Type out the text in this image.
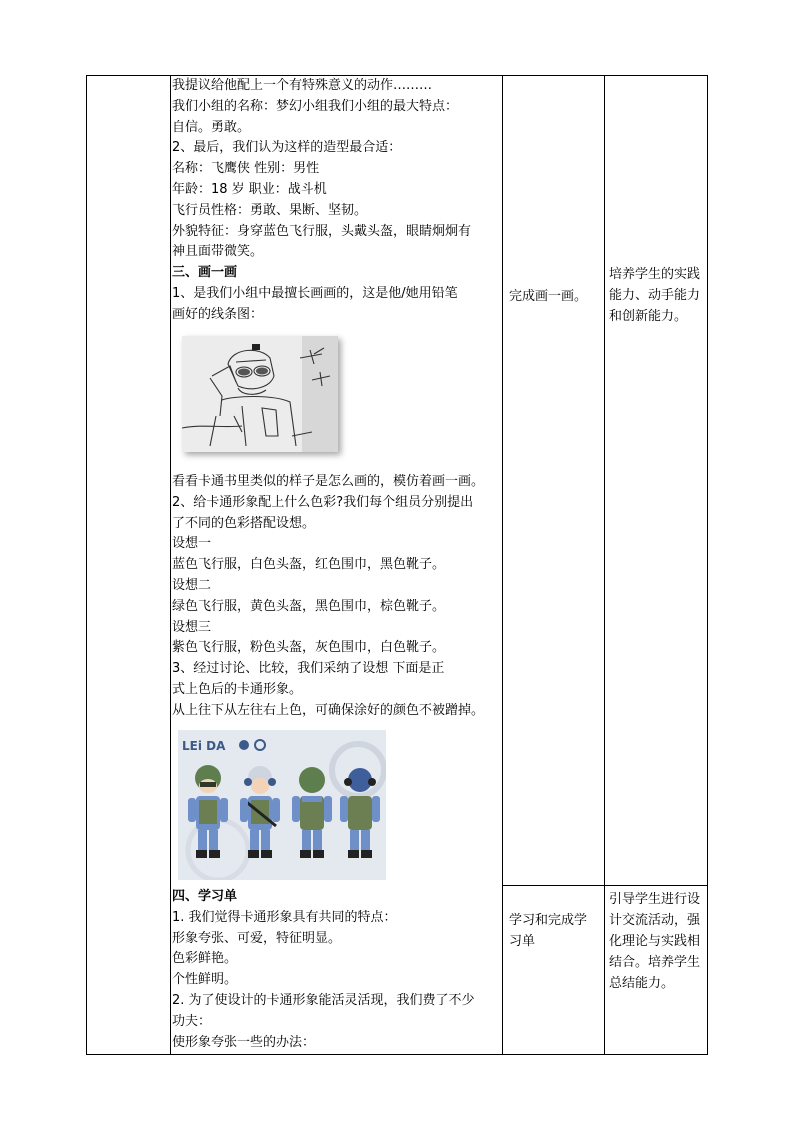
我提议给他配上一个有特殊意义的动作………
我们小组的名称：梦幻小组我们小组的最大特点：
自信。勇敢。
2、最后，我们认为这样的造型最合适：
名称：飞鹰侠 性别：男性
年龄：18 岁 职业：战斗机
飞行员性格：勇敢、果断、坚韧。
外貌特征：身穿蓝色飞行服，头戴头盔，眼睛炯炯有
神且面带微笑。
三、画一画
1、是我们小组中最擅长画画的，这是他/她用铅笔
画好的线条图：
看看卡通书里类似的样子是怎么画的，模仿着画一画。
2、给卡通形象配上什么色彩?我们每个组员分别提出
了不同的色彩搭配设想。
设想一
蓝色飞行服，白色头盔，红色围巾，黑色靴子。
设想二
绿色飞行服，黄色头盔，黑色围巾，棕色靴子。
设想三
紫色飞行服，粉色头盔，灰色围巾，白色靴子。
3、经过讨论、比较，我们采纳了设想 下面是正
式上色后的卡通形象。
从上往下从左往右上色，可确保涂好的颜色不被蹭掉。
LEi DA
四、学习单
1. 我们觉得卡通形象具有共同的特点：
形象夸张、可爱，特征明显。
色彩鲜艳。
个性鲜明。
2. 为了使设计的卡通形象能活灵活现，我们费了不少
功夫：
使形象夸张一些的办法：
完成画一画。
培养学生的实践能力、动手能力和创新能力。
学习和完成学习单
引导学生进行设计交流活动，强化理论与实践相结合。培养学生总结能力。
